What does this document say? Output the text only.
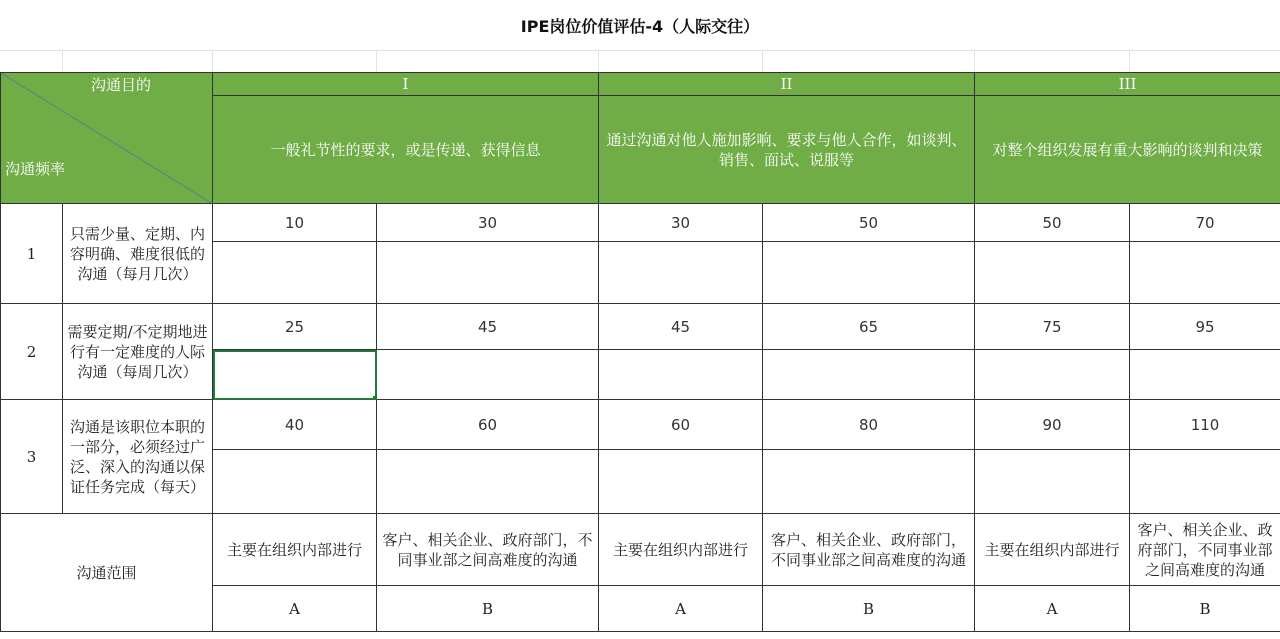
IPE岗位价值评估-4（人际交往）
沟通目的
沟通频率		I		II		III	
		一般礼节性的要求，或是传递、获得信息		通过沟通对他人施加影响、要求与他人合作，如谈判、销售、面试、说服等		对整个组织发展有重大影响的谈判和决策	
1	只需少量、定期、内容明确、难度很低的沟通（每月几次）	10	30	30	50	50	70

2	需要定期/不定期地进行有一定难度的人际沟通（每周几次）	25	45	45	65	75	95

3	沟通是该职位本职的一部分，必须经过广泛、深入的沟通以保证任务完成（每天）	40	60	60	80	90	110

沟通范围		主要在组织内部进行	客户、相关企业、政府部门，不同事业部之间高难度的沟通	主要在组织内部进行	客户、相关企业、政府部门，不同事业部之间高难度的沟通	主要在组织内部进行	客户、相关企业、政府部门，不同事业部之间高难度的沟通
		A	B	A	B	A	B
